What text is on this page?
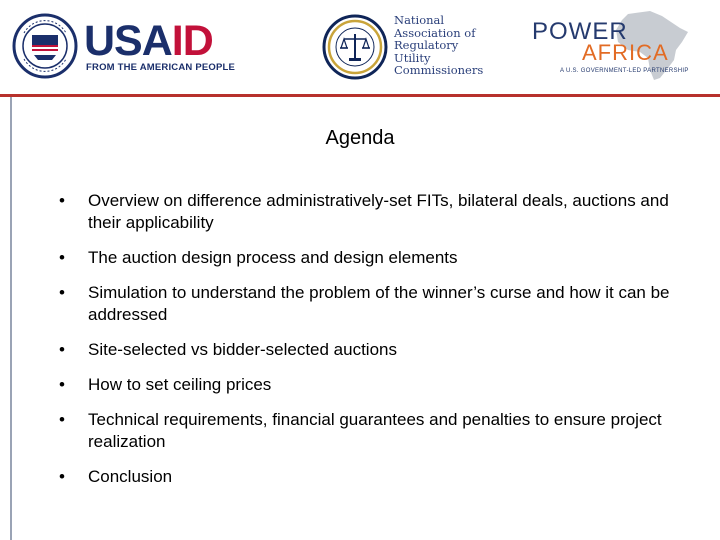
USAID
FROM THE AMERICAN PEOPLE
National
Association of
Regulatory
Utility
Commissioners
POWER
AFRICA
A U.S. GOVERNMENT-LED PARTNERSHIP
Agenda
• Overview on difference administratively-set FITs, bilateral deals, auctions and their applicability
• The auction design process and design elements
• Simulation to understand the problem of the winner’s curse and how it can be addressed
• Site-selected vs bidder-selected auctions
• How to set ceiling prices
• Technical requirements, financial guarantees and penalties to ensure project realization
• Conclusion
